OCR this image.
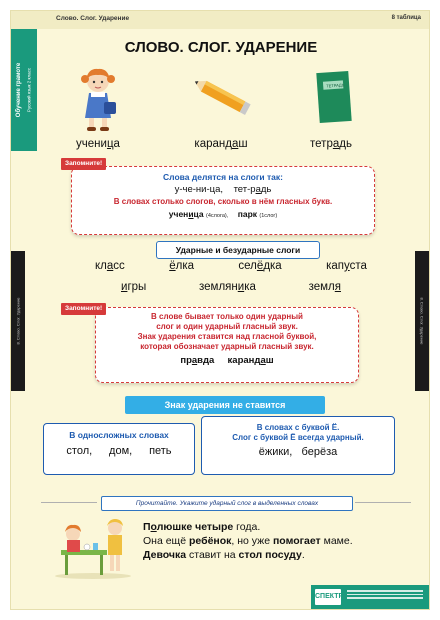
Слово. Слог. Ударение	8 таблица
Обучение грамоте Русский язык 2 класс
8. Слово. Слог. Ударение	8. Слово. Слог. Ударение
СЛОВО. СЛОГ. УДАРЕНИЕ
ТЕТРАДЬ
ученица	карандаш	тетрадь
Слова делятся на слоги так:
у-че-ни-ца, тет-радь
В словах столько слогов, сколько в нём гласных букв.
ученица (4слога), парк (1слог)
Запомните!
Ударные и безударные слоги
класс	ёлка	селёдка	капуста
игры	земляника	земля
В слове бывает только один ударный
слог и один ударный гласный звук.
Знак ударения ставится над гласной буквой,
которая обозначает ударный гласный звук.
правда карандаш
Запомните!
Знак ударения не ставится
В односложных словах
стол, дом, петь
В словах с буквой Ё.
Слог с буквой Ё всегда ударный.
ёжики, берёза
Прочитайте. Укажите ударный слог в выделенных словах
Полюшке четыре года.
Она ещё ребёнок, но уже помогает маме.
Девочка ставит на стол посуду.
СПЕКТР
